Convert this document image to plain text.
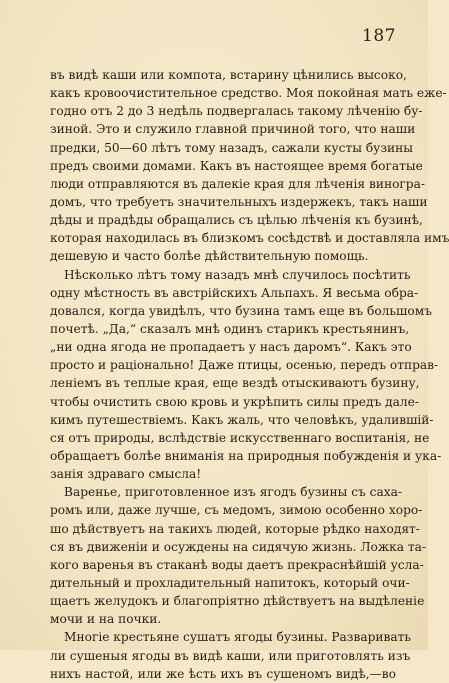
187
въ видѣ каши или компота, встарину цѣнились высоко,
какъ кровоочистительное средство. Моя покойная мать еже-
годно отъ 2 до 3 недѣль подвергалась такому лѣченію бу-
зиной. Это и служило главной причиной того, что наши
предки, 50—60 лѣтъ тому назадъ, сажали кусты бузины
предъ своими домами. Какъ въ настоящее время богатые
люди отправляются въ далекіе края для лѣченія виногра-
домъ, что требуетъ значительныхъ издержекъ, такъ наши
дѣды и прадѣды обращались съ цѣлью лѣченія къ бузинѣ,
которая находилась въ близкомъ сосѣдствѣ и доставляла имъ
дешевую и часто болѣе дѣйствительную помощь.
Нѣсколько лѣтъ тому назадъ мнѣ случилось посѣтить
одну мѣстность въ австрійскихъ Альпахъ. Я весьма обра-
довался, когда увидѣлъ, что бузина тамъ еще въ большомъ
почетѣ. „Да,“ сказалъ мнѣ одинъ старикъ крестьянинъ,
„ни одна ягода не пропадаетъ у насъ даромъ“. Какъ это
просто и раціонально! Даже птицы, осенью, передъ отправ-
леніемъ въ теплые края, еще вездѣ отыскиваютъ бузину,
чтобы очистить свою кровь и укрѣпить силы предъ дале-
кимъ путешествіемъ. Какъ жаль, что человѣкъ, удалившій-
ся отъ природы, вслѣдствіе искусственнаго воспитанія, не
обращаетъ болѣе вниманія на природныя побужденія и ука-
занія здраваго смысла!
Варенье, приготовленное изъ ягодъ бузины съ саха-
ромъ или, даже лучше, съ медомъ, зимою особенно хоро-
шо дѣйствуетъ на такихъ людей, которые рѣдко находят-
ся въ движеніи и осуждены на сидячую жизнь. Ложка та-
кого варенья въ стаканѣ воды даетъ прекраснѣйшій усла-
дительный и прохладительный напитокъ, который очи-
щаетъ желудокъ и благопріятно дѣйствуетъ на выдѣленіе
мочи и на почки.
Многіе крестьяне сушатъ ягоды бузины. Разваривать
ли сушеныя ягоды въ видѣ каши, или приготовлять изъ
нихъ настой, или же ѣсть ихъ въ сушеномъ видѣ,—во
